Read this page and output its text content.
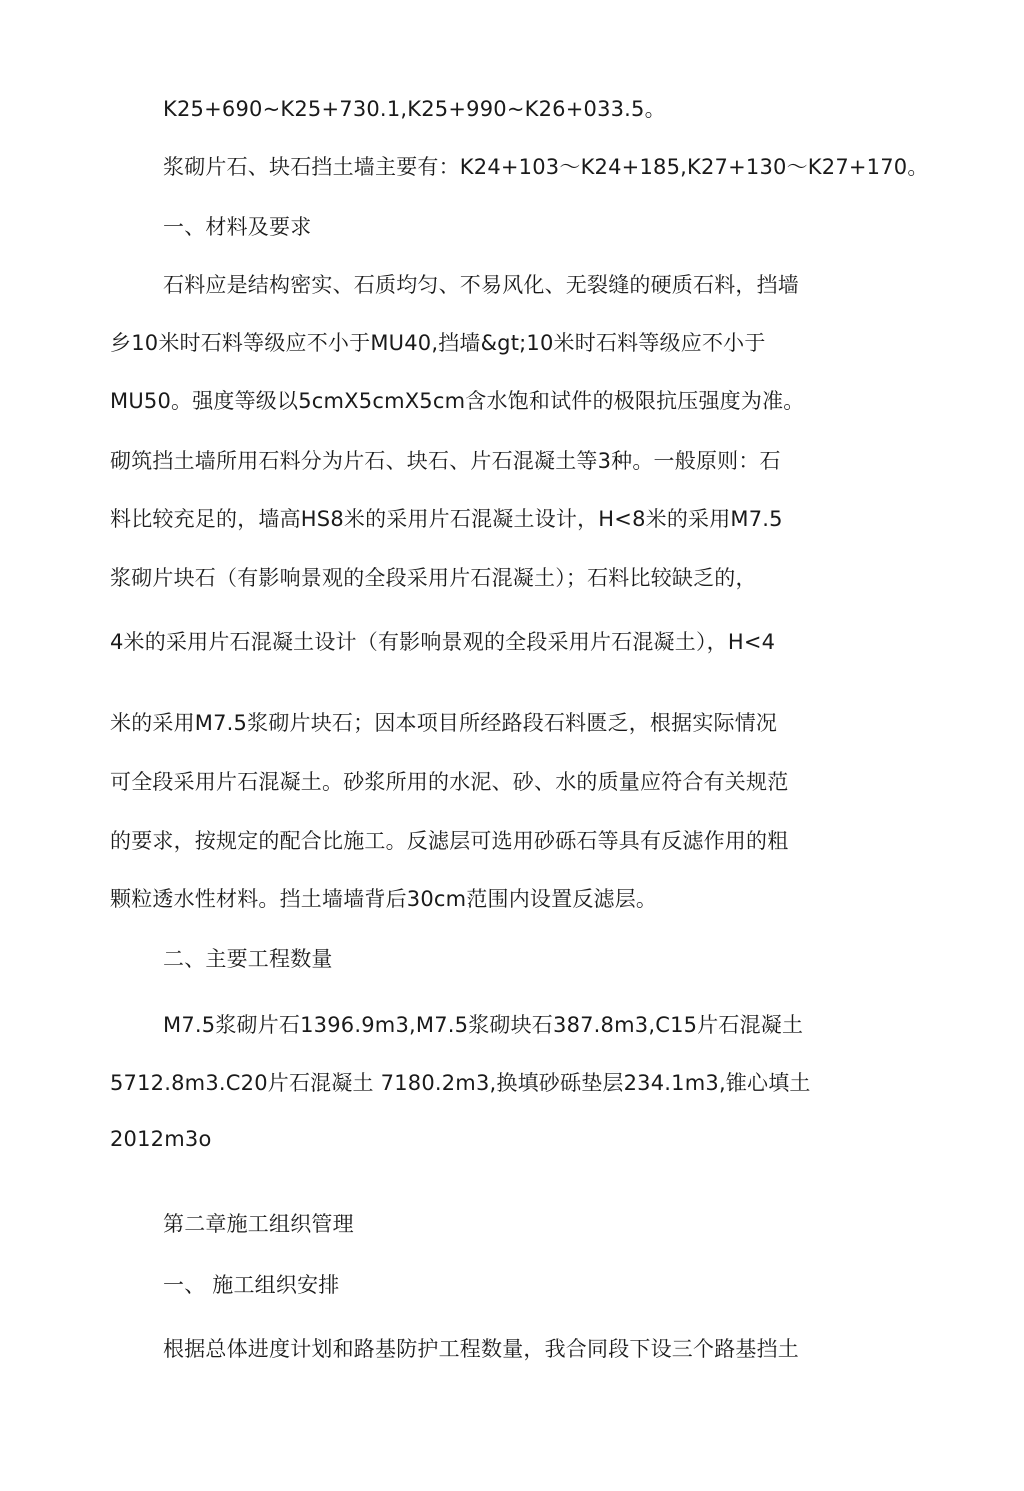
K25+690~K25+730.1,K25+990~K26+033.5。
浆砌片石、块石挡土墙主要有：K24+103～K24+185,K27+130～K27+170。
一、材料及要求
石料应是结构密实、石质均匀、不易风化、无裂缝的硬质石料，挡墙
乡10米时石料等级应不小于MU40,挡墙&gt;10米时石料等级应不小于
MU50。强度等级以5cmX5cmX5cm含水饱和试件的极限抗压强度为准。
砌筑挡土墙所用石料分为片石、块石、片石混凝土等3种。一般原则：石
料比较充足的，墙高HS8米的采用片石混凝土设计，H<8米的采用M7.5
浆砌片块石（有影响景观的全段采用片石混凝土）；石料比较缺乏的，
4米的采用片石混凝土设计（有影响景观的全段采用片石混凝土），H<4
米的采用M7.5浆砌片块石；因本项目所经路段石料匮乏，根据实际情况
可全段采用片石混凝土。砂浆所用的水泥、砂、水的质量应符合有关规范
的要求，按规定的配合比施工。反滤层可选用砂砾石等具有反滤作用的粗
颗粒透水性材料。挡土墙墙背后30cm范围内设置反滤层。
二、主要工程数量
M7.5浆砌片石1396.9m3,M7.5浆砌块石387.8m3,C15片石混凝土
5712.8m3.C20片石混凝土 7180.2m3,换填砂砾垫层234.1m3,锥心填土
2012m3o
第二章施工组织管理
一、 施工组织安排
根据总体进度计划和路基防护工程数量，我合同段下设三个路基挡土
